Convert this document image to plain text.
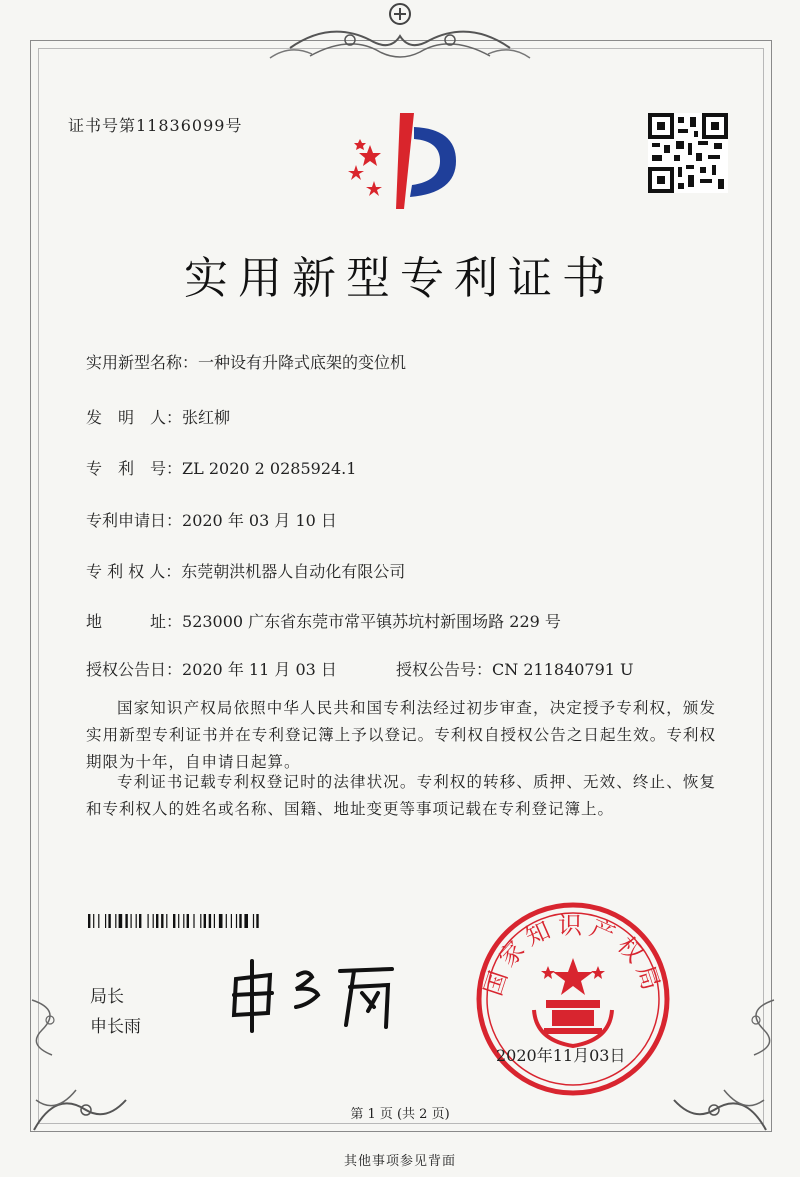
证书号第11836099号
实用新型专利证书
实用新型名称：一种设有升降式底架的变位机
发　明　人：张红柳
专　利　号：ZL 2020 2 0285924.1
专利申请日：2020 年 03 月 10 日
专 利 权 人：东莞朝洪机器人自动化有限公司
地　　　址：523000 广东省东莞市常平镇苏坑村新围场路 229 号
授权公告日：2020 年 11 月 03 日	授权公告号：CN 211840791 U
国家知识产权局依照中华人民共和国专利法经过初步审查，决定授予专利权，颁发实用新型专利证书并在专利登记簿上予以登记。专利权自授权公告之日起生效。专利权期限为十年，自申请日起算。
专利证书记载专利权登记时的法律状况。专利权的转移、质押、无效、终止、恢复和专利权人的姓名或名称、国籍、地址变更等事项记载在专利登记簿上。
局长
申长雨
国家知识产权局
2020年11月03日
第 1 页 (共 2 页)
其他事项参见背面
